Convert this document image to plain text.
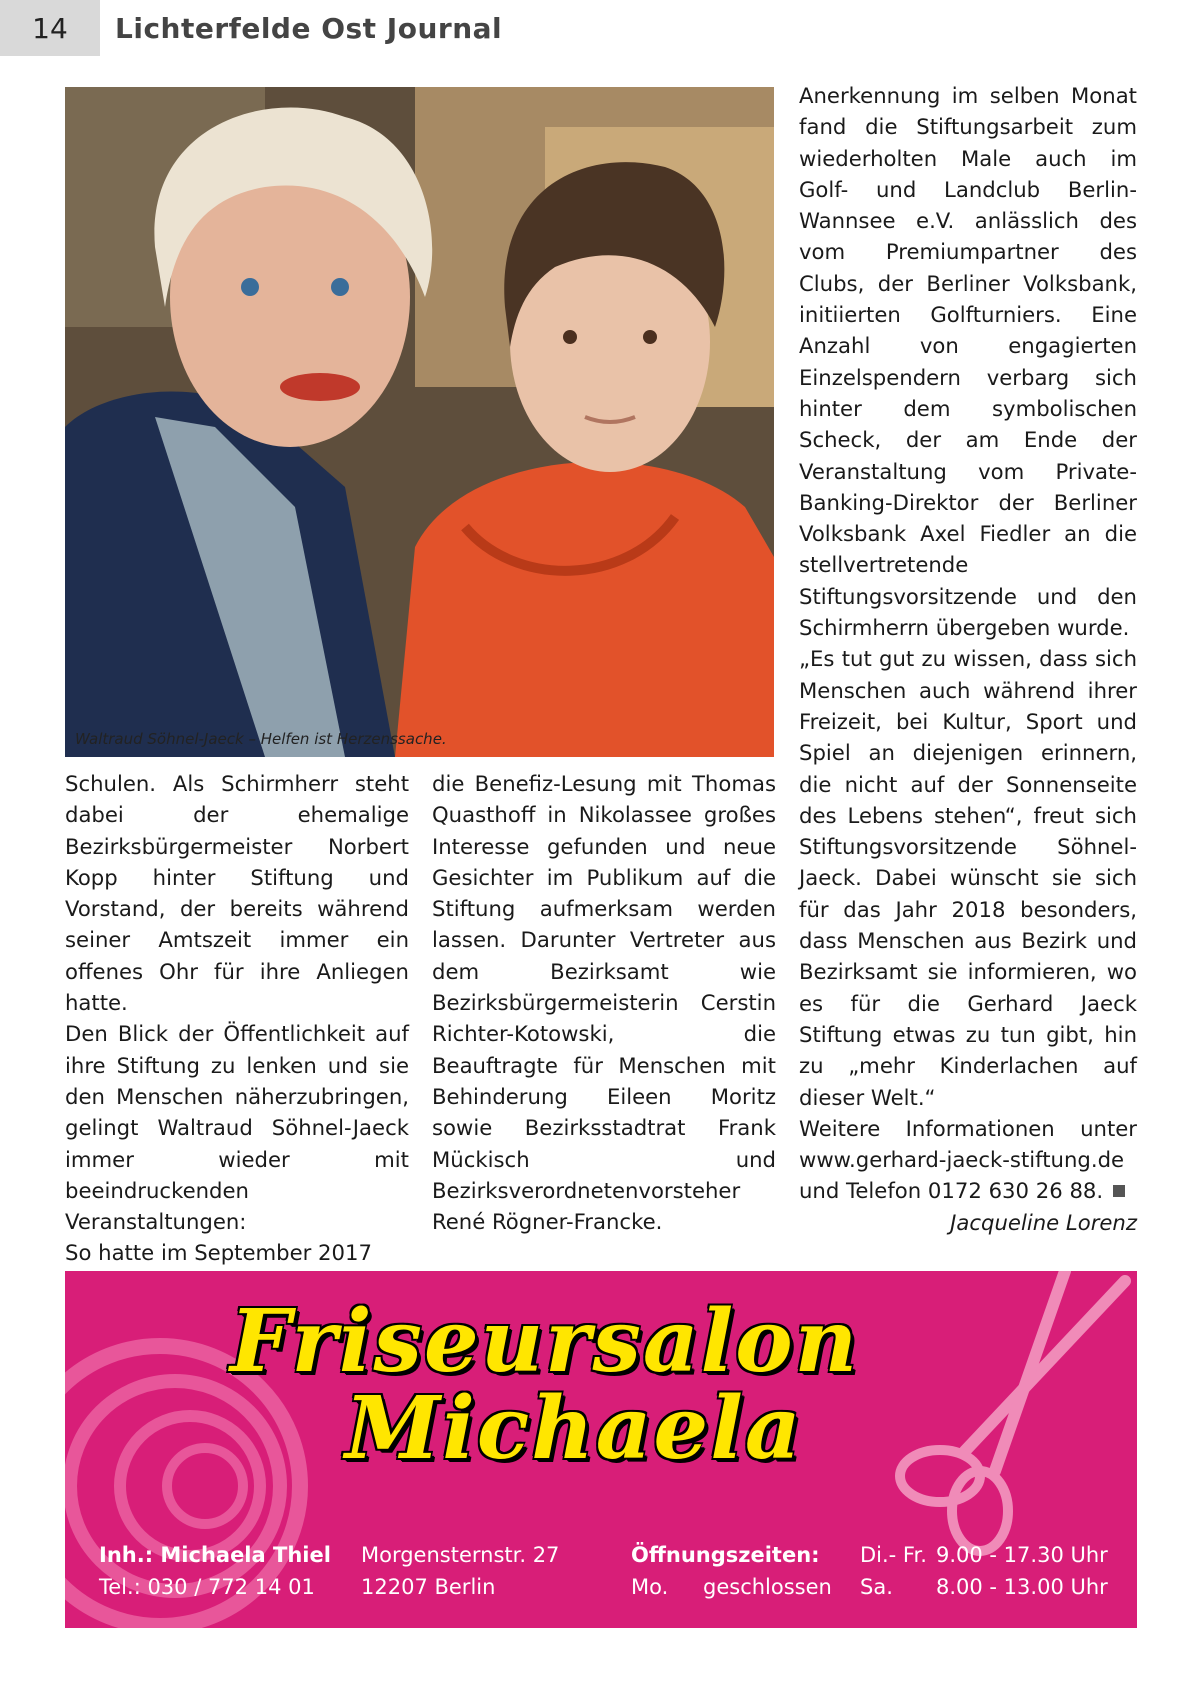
14	Lichterfelde Ost Journal
Waltraud Söhnel-Jaeck – Helfen ist Herzenssache.

Anerkennung im selben Monat fand die Stiftungsarbeit zum wiederholten Male auch im Golf- und Landclub Berlin-Wannsee e.V. anlässlich des vom Premiumpartner des Clubs, der Berliner Volksbank, initiierten Golfturniers. Eine Anzahl von engagierten Einzelspendern verbarg sich hinter dem symbolischen Scheck, der am Ende der Veranstaltung vom Private-Banking-Direktor der Berliner Volksbank Axel Fiedler an die stellvertretende Stiftungsvorsitzende und den Schirmherrn übergeben wurde.

„Es tut gut zu wissen, dass sich Menschen auch während ihrer Freizeit, bei Kultur, Sport und Spiel an diejenigen erinnern, die nicht auf der Sonnenseite des Lebens stehen“, freut sich Stiftungsvorsitzende Söhnel-Jaeck. Dabei wünscht sie sich für das Jahr 2018 besonders, dass Menschen aus Bezirk und Bezirksamt sie informieren, wo es für die Gerhard Jaeck Stiftung etwas zu tun gibt, hin zu „mehr Kinderlachen auf dieser Welt.“

Weitere Informationen unter www.gerhard-jaeck-stiftung.de und Telefon 0172 630 26 88.

Jacqueline Lorenz

Schulen. Als Schirmherr steht dabei der ehemalige Bezirksbürgermeister Norbert Kopp hinter Stiftung und Vorstand, der bereits während seiner Amtszeit immer ein offenes Ohr für ihre Anliegen hatte.

Den Blick der Öffentlichkeit auf ihre Stiftung zu lenken und sie den Menschen näherzubringen, gelingt Waltraud Söhnel-Jaeck immer wieder mit beeindruckenden Veranstaltungen:

So hatte im September 2017

die Benefiz-Lesung mit Thomas Quasthoff in Nikolassee großes Interesse gefunden und neue Gesichter im Publikum auf die Stiftung aufmerksam werden lassen. Darunter Vertreter aus dem Bezirksamt wie Bezirksbürgermeisterin Cerstin Richter-Kotowski, die Beauftragte für Menschen mit Behinderung Eileen Moritz sowie Bezirksstadtrat Frank Mückisch und Bezirksverordnetenvorsteher René Rögner-Francke.

Friseursalon
Michaela
Inh.: Michaela Thiel
Tel.: 030 / 772 14 01
Morgensternstr. 27
12207 Berlin
Öffnungszeiten:
Mo. geschlossen
Di.- Fr. 9.00 - 17.30 Uhr
Sa. 8.00 - 13.00 Uhr
